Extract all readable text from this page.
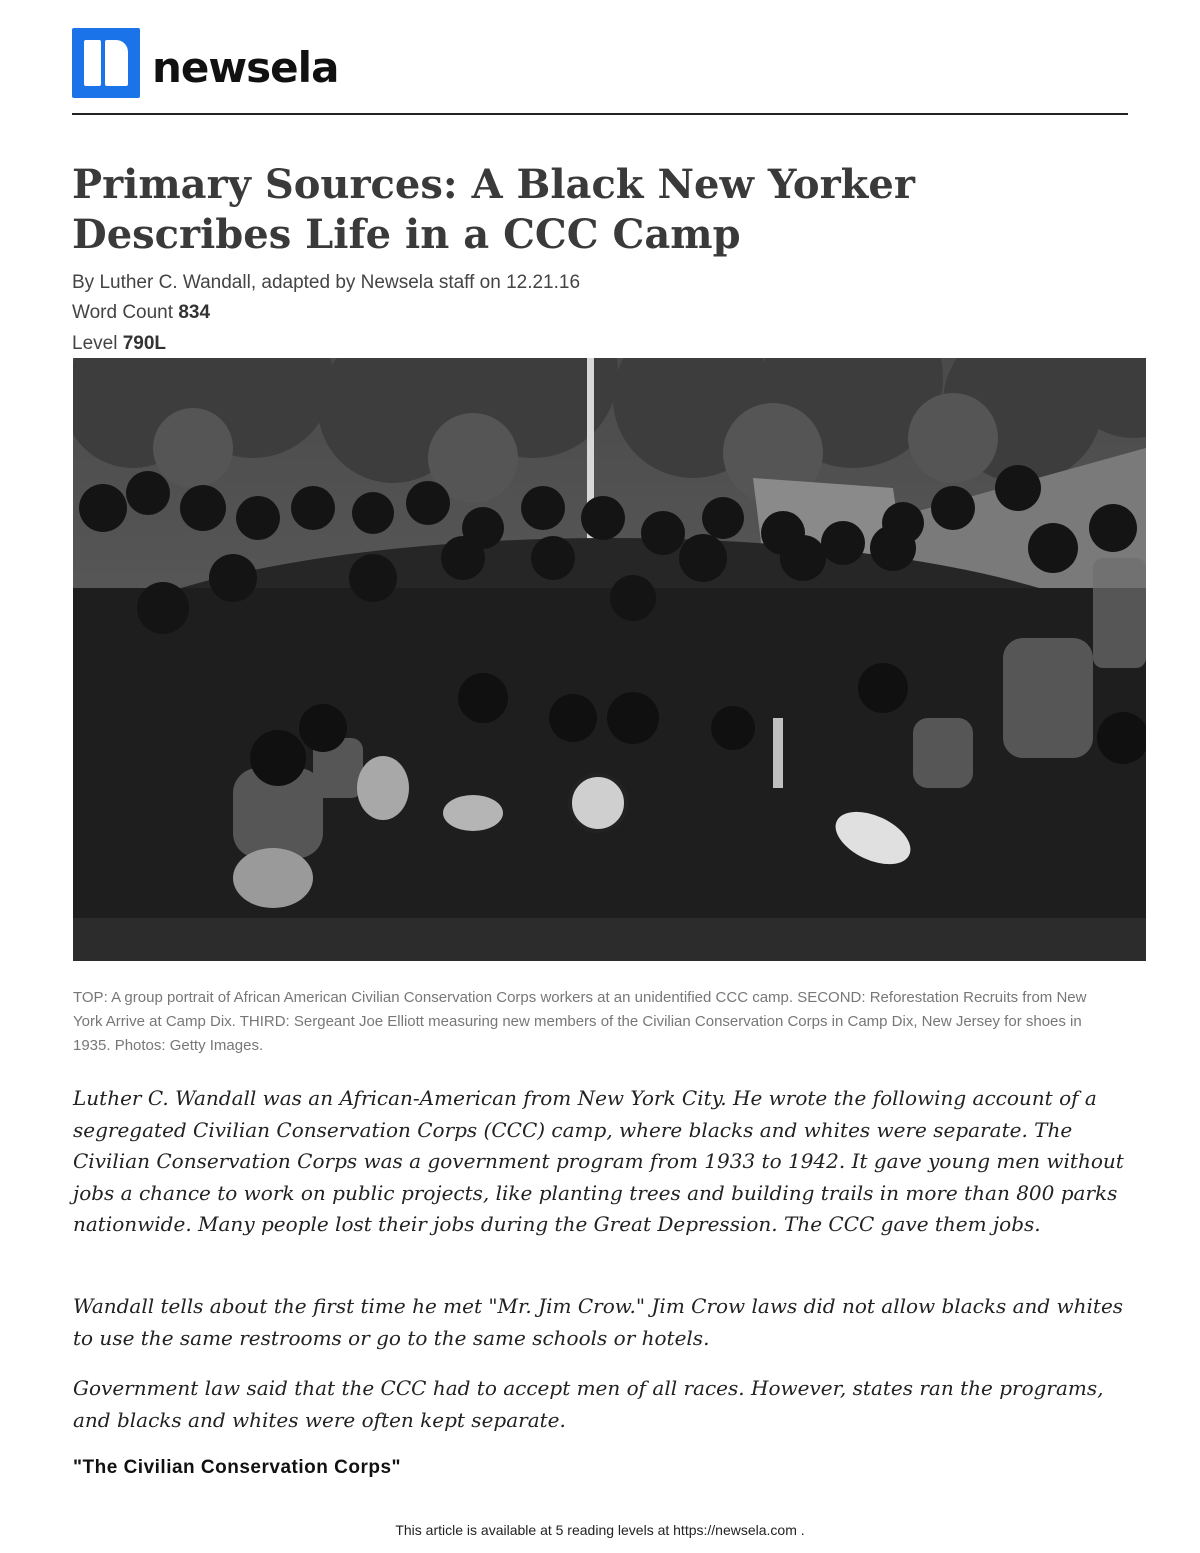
newsela
Primary Sources: A Black New Yorker
Describes Life in a CCC Camp
By Luther C. Wandall, adapted by Newsela staff on 12.21.16
Word Count 834
Level 790L
TOP: A group portrait of African American Civilian Conservation Corps workers at an unidentified CCC camp. SECOND: Reforestation Recruits from New York Arrive at Camp Dix. THIRD: Sergeant Joe Elliott measuring new members of the Civilian Conservation Corps in Camp Dix, New Jersey for shoes in 1935. Photos: Getty Images.

Luther C. Wandall was an African-American from New York City. He wrote the following account of a segregated Civilian Conservation Corps (CCC) camp, where blacks and whites were separate. The Civilian Conservation Corps was a government program from 1933 to 1942. It gave young men without jobs a chance to work on public projects, like planting trees and building trails in more than 800 parks nationwide. Many people lost their jobs during the Great Depression. The CCC gave them jobs.

Wandall tells about the first time he met "Mr. Jim Crow." Jim Crow laws did not allow blacks and whites to use the same restrooms or go to the same schools or hotels.

Government law said that the CCC had to accept men of all races. However, states ran the programs, and blacks and whites were often kept separate.

"The Civilian Conservation Corps"

This article is available at 5 reading levels at https://newsela.com .
